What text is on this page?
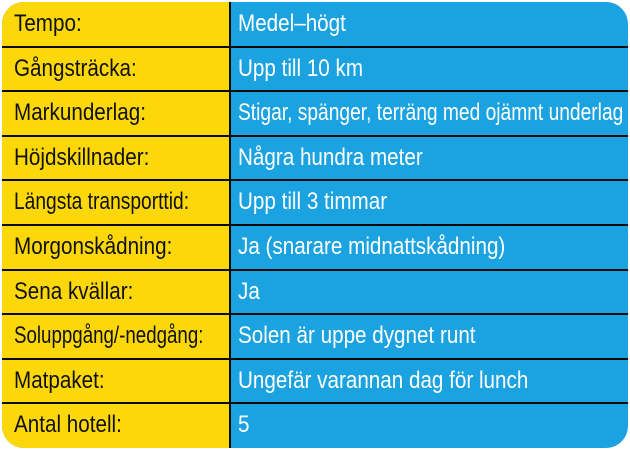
Tempo:	Medel–högt
Gångsträcka:	Upp till 10 km
Markunderlag:	Stigar, spänger, terräng med ojämnt underlag
Höjdskillnader:	Några hundra meter
Längsta transporttid: Upp till 3 timmar
Morgonskådning:	Ja (snarare midnattskådning)
Sena kvällar:	Ja
Soluppgång/-nedgång: Solen är uppe dygnet runt
Matpaket:	Ungefär varannan dag för lunch
Antal hotell:	5
